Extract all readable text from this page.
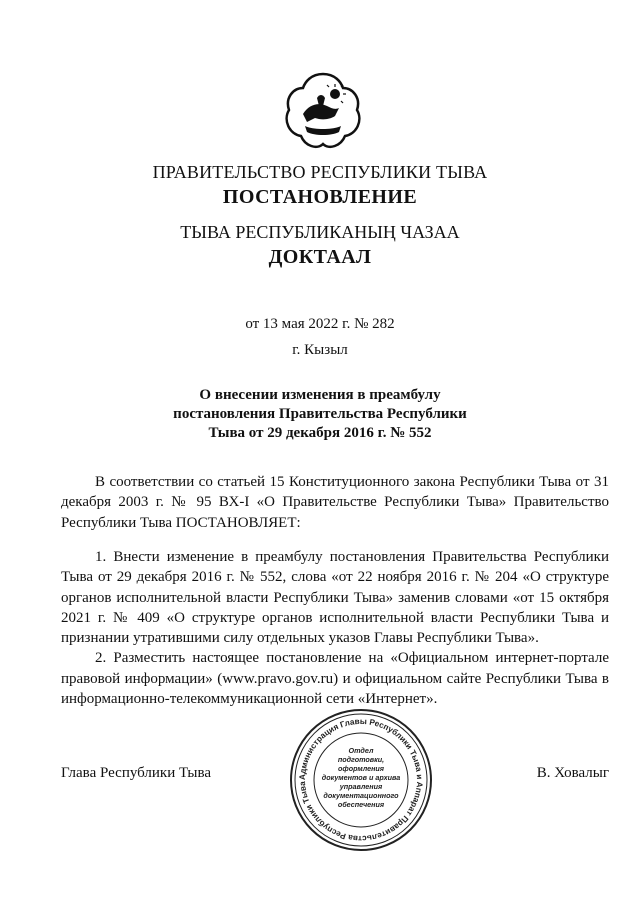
ПРАВИТЕЛЬСТВО РЕСПУБЛИКИ ТЫВА
ПОСТАНОВЛЕНИЕ
ТЫВА РЕСПУБЛИКАНЫҢ ЧАЗАА
ДОКТААЛ
от 13 мая 2022 г. № 282
г. Кызыл
О внесении изменения в преамбулу
постановления Правительства Республики
Тыва от 29 декабря 2016 г. № 552

В соответствии со статьей 15 Конституционного закона Республики Тыва от 31 декабря 2003 г. № 95 ВХ-I «О Правительстве Республики Тыва» Правительство Республики Тыва ПОСТАНОВЛЯЕТ:

1. Внести изменение в преамбулу постановления Правительства Республики Тыва от 29 декабря 2016 г. № 552, слова «от 22 ноября 2016 г. № 204 «О структуре органов исполнительной власти Республики Тыва» заменив словами «от 15 октября 2021 г. № 409 «О структуре органов исполнительной власти Республики Тыва и признании утратившими силу отдельных указов Главы Республики Тыва».

2. Разместить настоящее постановление на «Официальном интернет-портале правовой информации» (www.pravo.gov.ru) и официальном сайте Республики Тыва в информационно-телекоммуникационной сети «Интернет».

Глава Республики Тыва	В. Ховалыг
Администрация Главы Республики Тыва и Аппарат Правительства Республики Тыва
Отдел
подготовки,
оформления
документов и архива
управления
документационного
обеспечения
